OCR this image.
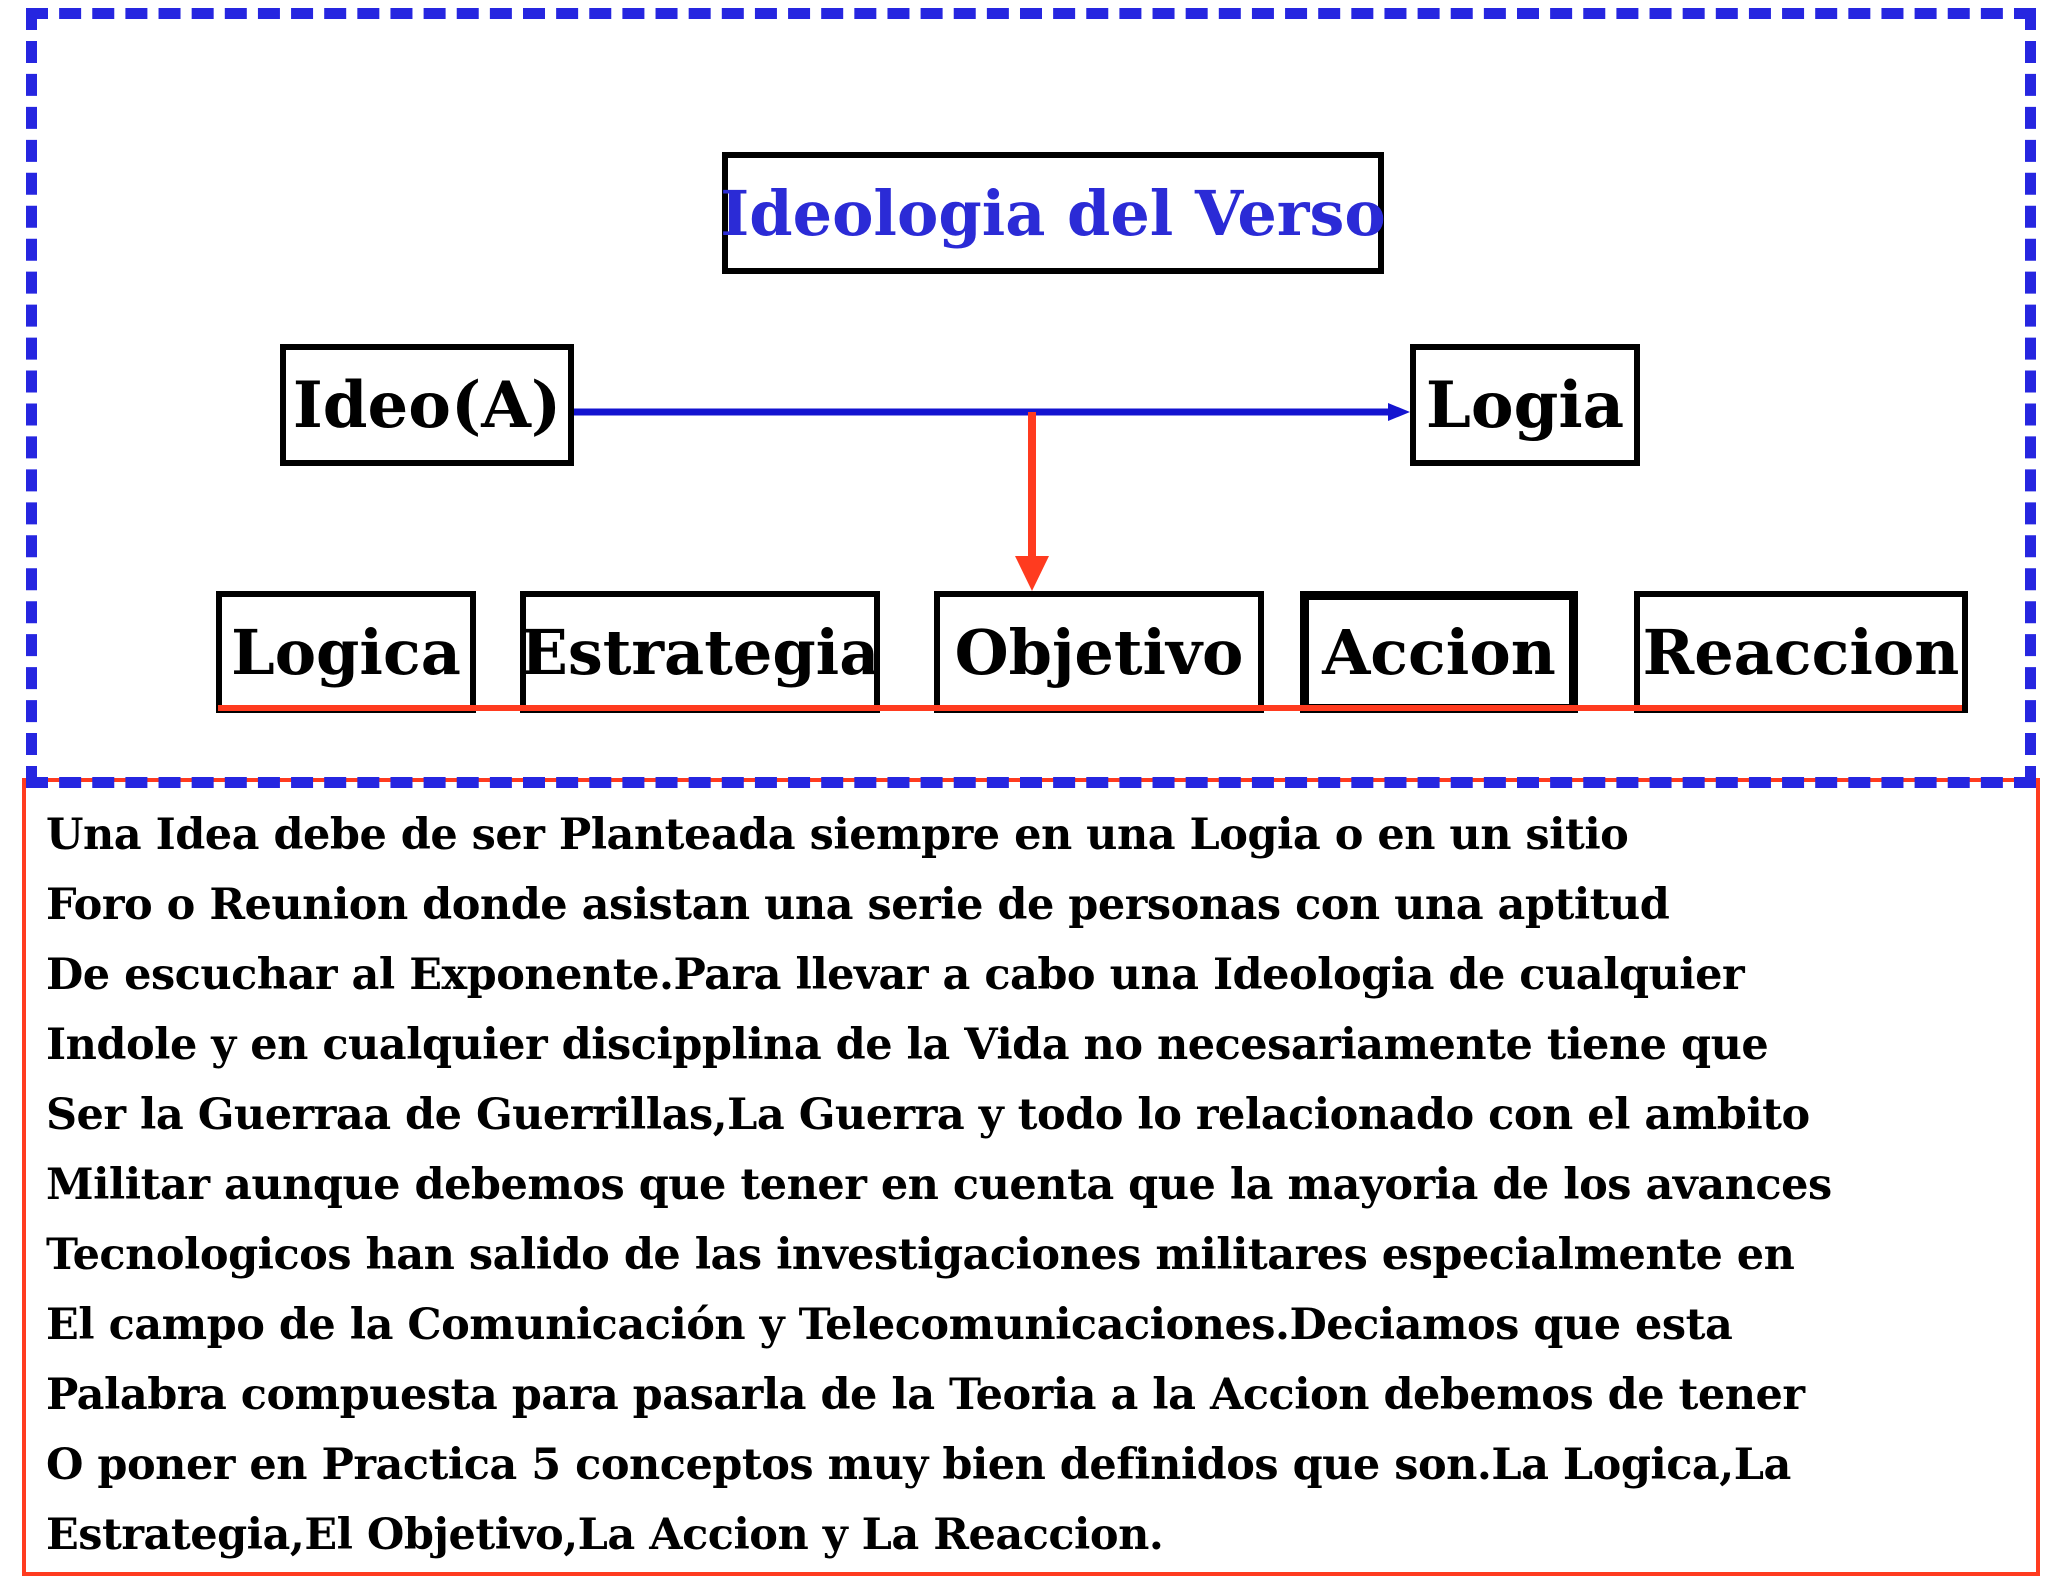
Ideologia del Verso
Ideo(A)	Logia
Logica Estrategia	Objetivo	Accion	Reaccion
Una Idea debe de ser Planteada siempre en una Logia o en un sitio
Foro o Reunion donde asistan una serie de personas con una aptitud
De escuchar al Exponente.Para llevar a cabo una Ideologia de cualquier
Indole y en cualquier discipplina de la Vida no necesariamente tiene que
Ser la Guerraa de Guerrillas,La Guerra y todo lo relacionado con el ambito
Militar aunque debemos que tener en cuenta que la mayoria de los avances
Tecnologicos han salido de las investigaciones militares especialmente en
El campo de la Comunicación y Telecomunicaciones.Deciamos que esta
Palabra compuesta para pasarla de la Teoria a la Accion debemos de tener
O poner en Practica 5 conceptos muy bien definidos que son.La Logica,La
Estrategia,El Objetivo,La Accion y La Reaccion.
